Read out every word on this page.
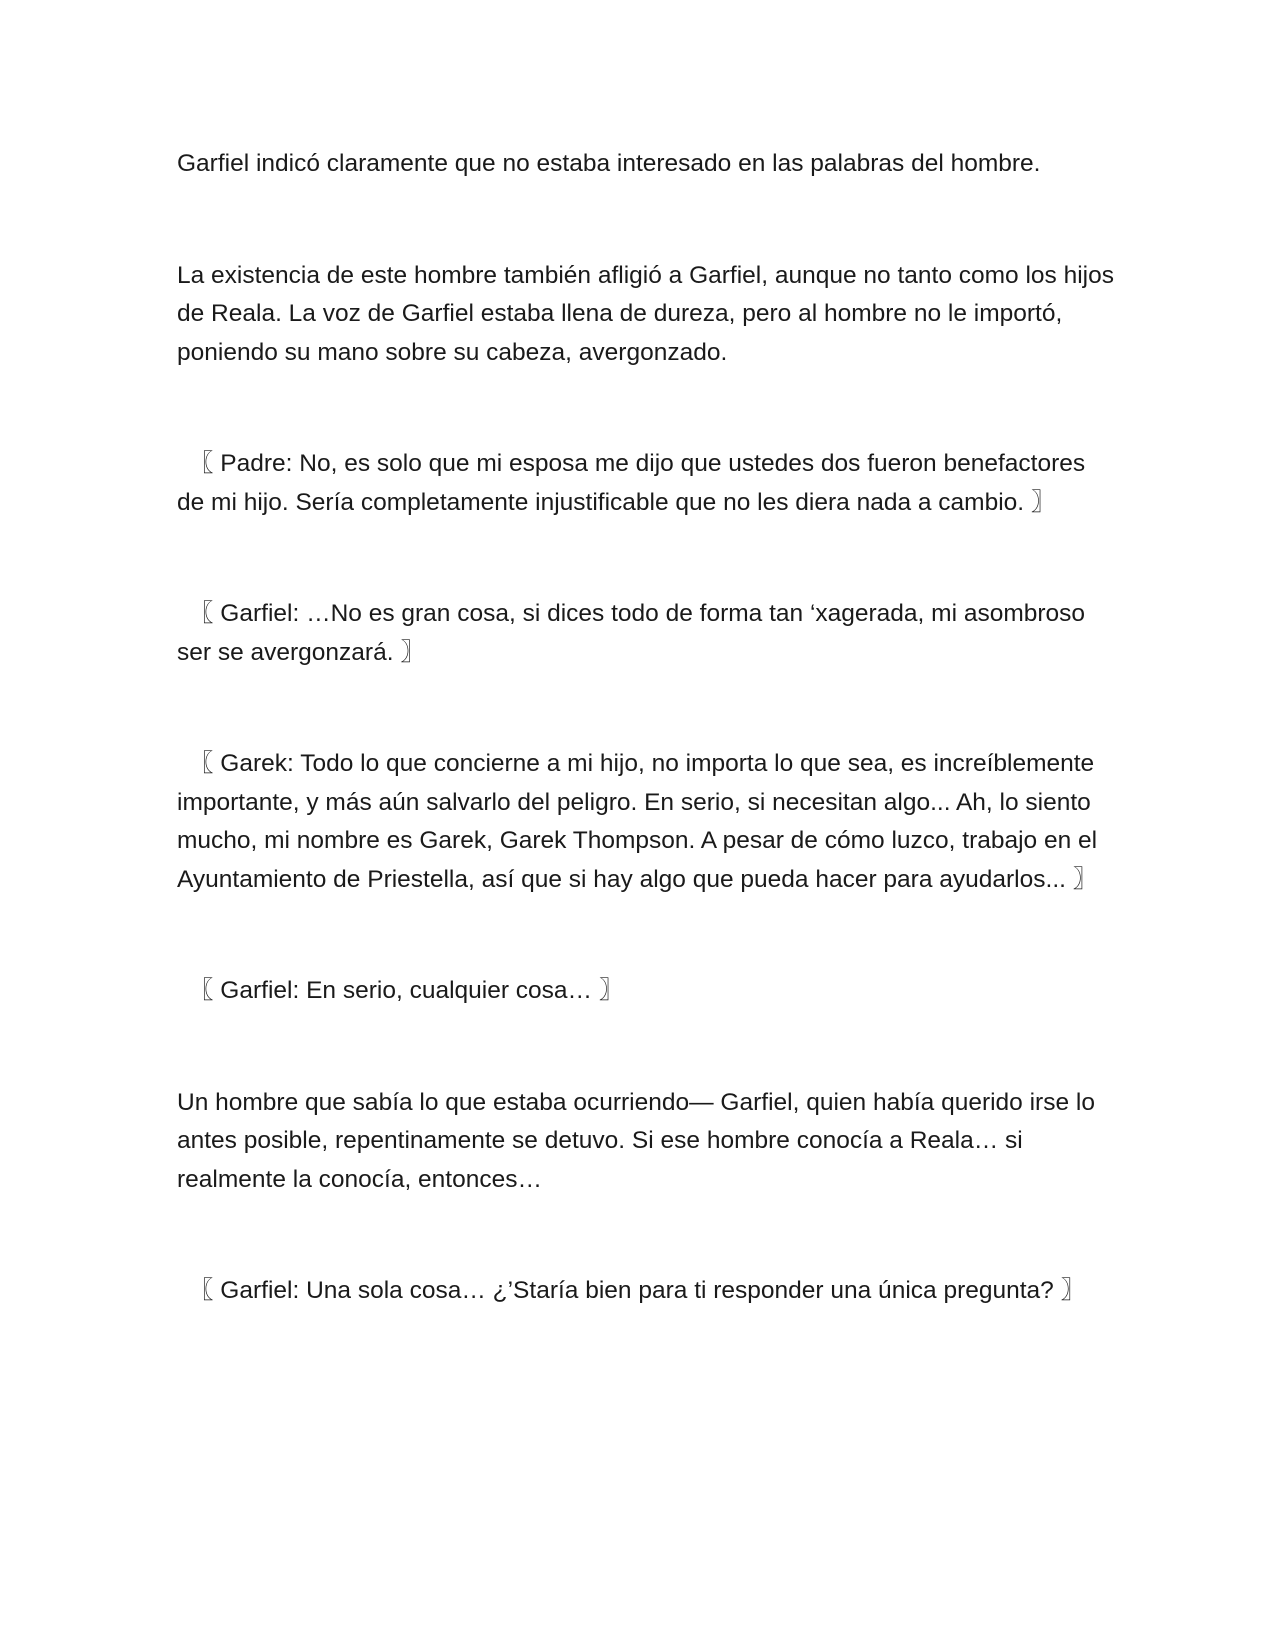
Garfiel indicó claramente que no estaba interesado en las palabras del hombre.

La existencia de este hombre también afligió a Garfiel, aunque no tanto como los hijos de Reala. La voz de Garfiel estaba llena de dureza, pero al hombre no le importó, poniendo su mano sobre su cabeza, avergonzado.

〖 Padre: No, es solo que mi esposa me dijo que ustedes dos fueron benefactores de mi hijo. Sería completamente injustificable que no les diera nada a cambio. 〗

〖 Garfiel: …No es gran cosa, si dices todo de forma tan ‘xagerada, mi asombroso ser se avergonzará. 〗

〖 Garek: Todo lo que concierne a mi hijo, no importa lo que sea, es increíblemente importante, y más aún salvarlo del peligro. En serio, si necesitan algo... Ah, lo siento mucho, mi nombre es Garek, Garek Thompson. A pesar de cómo luzco, trabajo en el Ayuntamiento de Priestella, así que si hay algo que pueda hacer para ayudarlos... 〗

〖 Garfiel: En serio, cualquier cosa… 〗

Un hombre que sabía lo que estaba ocurriendo— Garfiel, quien había querido irse lo antes posible, repentinamente se detuvo. Si ese hombre conocía a Reala… si realmente la conocía, entonces…

〖 Garfiel: Una sola cosa… ¿’Staría bien para ti responder una única pregunta? 〗
